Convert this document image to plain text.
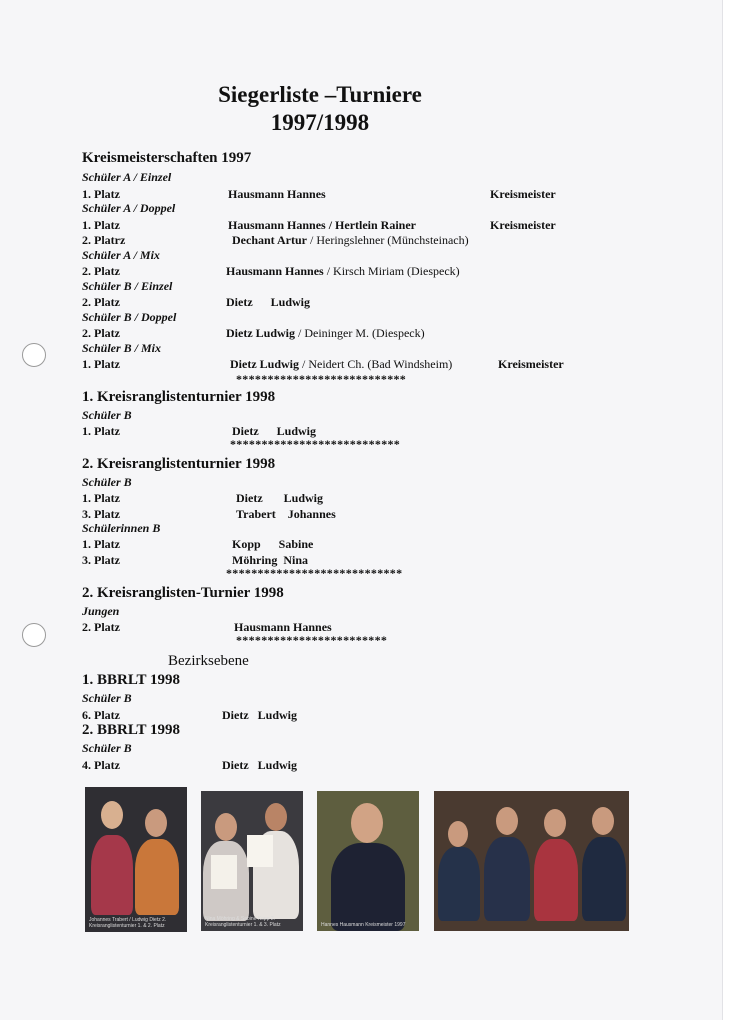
Siegerliste –Turniere
1997/1998
Kreismeisterschaften 1997
Schüler A / Einzel
1. Platz	Hausmann Hannes	Kreismeister
Schüler A / Doppel
1. Platz	Hausmann Hannes / Hertlein Rainer	Kreismeister
2. Platrz	Dechant Artur / Heringslehner (Münchsteinach)
Schüler A / Mix
2. Platz	Hausmann Hannes / Kirsch Miriam (Diespeck)
Schüler B / Einzel
2. Platz	Dietz      Ludwig
Schüler B / Doppel
2. Platz	Dietz Ludwig / Deininger M. (Diespeck)
Schüler B / Mix
1. Platz	Dietz Ludwig / Neidert Ch. (Bad Windsheim)	Kreismeister
***************************
1. Kreisranglistenturnier 1998
Schüler B
1. Platz	Dietz      Ludwig
***************************
2. Kreisranglistenturnier 1998
Schüler B
1. Platz	Dietz       Ludwig
3. Platz	Trabert    Johannes
Schülerinnen B
1. Platz	Kopp      Sabine
3. Platz	Möhring  Nina
****************************
2. Kreisranglisten-Turnier 1998
Jungen
2. Platz	Hausmann Hannes
************************
Bezirksebene
1. BBRLT 1998
Schüler B
6. Platz	Dietz   Ludwig
2. BBRLT 1998
Schüler B
4. Platz	Dietz   Ludwig
Johannes Trabert / Ludwig Dietz 2. Kreisranglistenturnier 1. & 2. Platz
Nina Möhring & Sabine Kopp 2. Kreisranglistenturnier 1. & 3. Platz	Hannes Hausmann Kreismeister 1997
